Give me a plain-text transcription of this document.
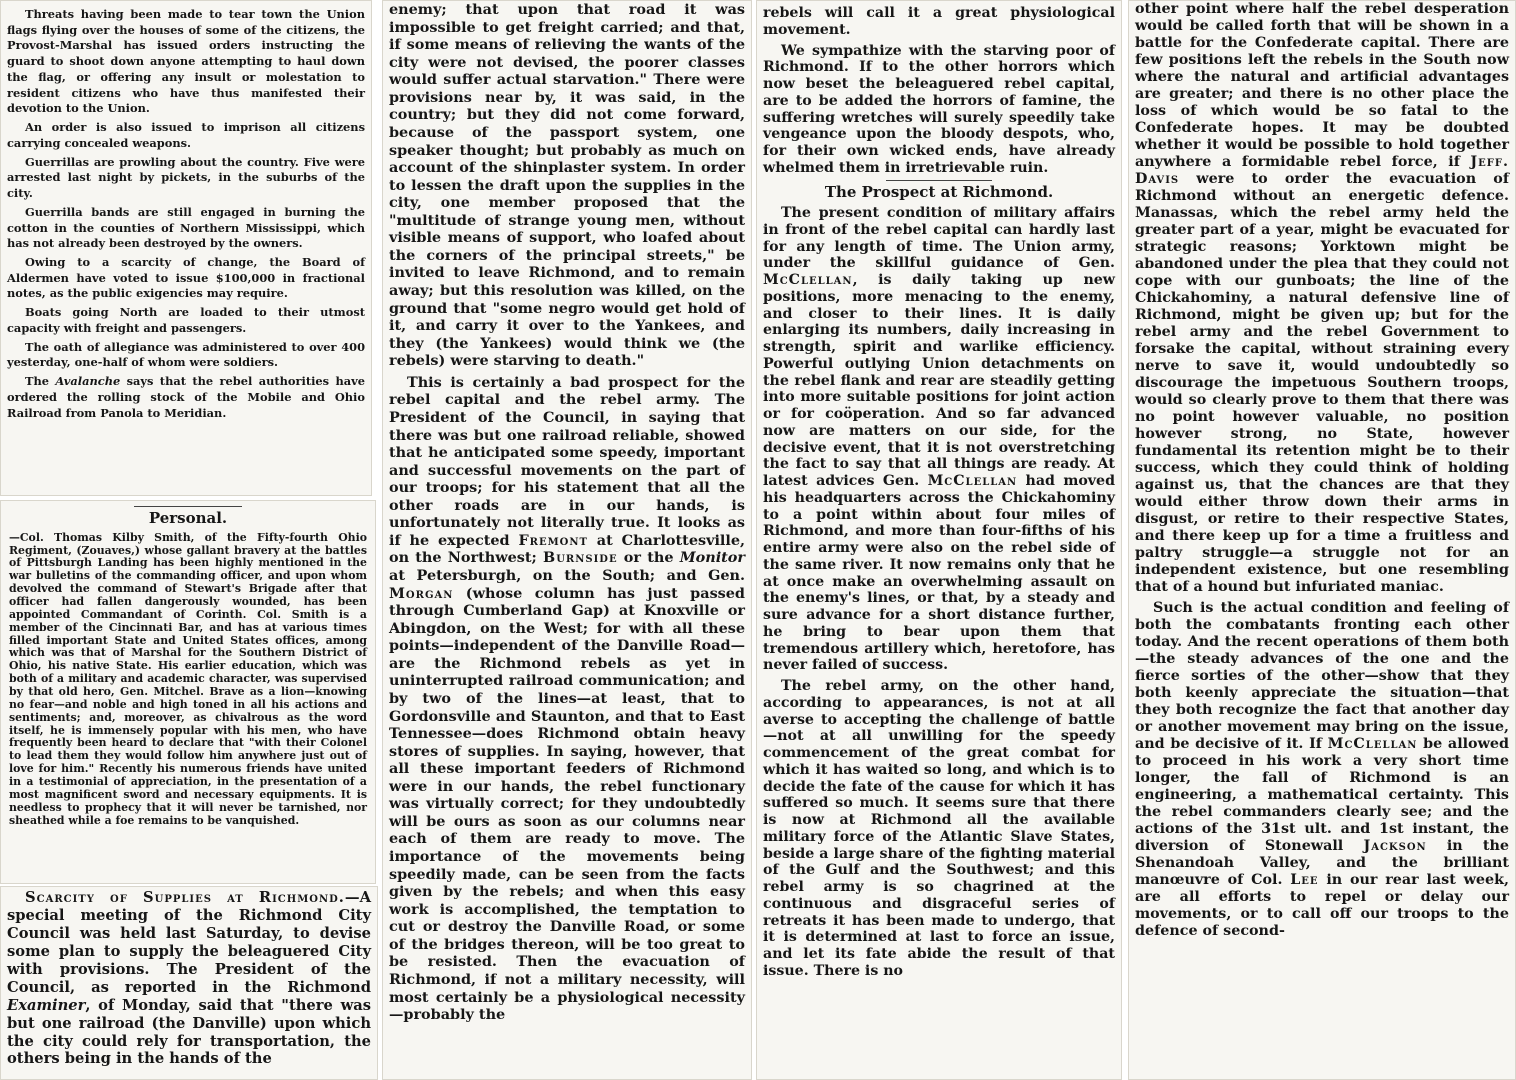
Threats having been made to tear town the Union flags flying over the houses of some of the citizens, the Provost-Marshal has issued orders instructing the guard to shoot down anyone attempting to haul down the flag, or offering any insult or molestation to resident citizens who have thus manifested their devotion to the Union.

An order is also issued to imprison all citizens carrying concealed weapons.

Guerrillas are prowling about the country. Five were arrested last night by pickets, in the suburbs of the city.

Guerrilla bands are still engaged in burning the cotton in the counties of Northern Mississippi, which has not already been destroyed by the owners.

Owing to a scarcity of change, the Board of Aldermen have voted to issue $100,000 in fractional notes, as the public exigencies may require.

Boats going North are loaded to their utmost capacity with freight and passengers.

The oath of allegiance was administered to over 400 yesterday, one-half of whom were soldiers.

The Avalanche says that the rebel authorities have ordered the rolling stock of the Mobile and Ohio Railroad from Panola to Meridian.

Personal.

—Col. Thomas Kilby Smith, of the Fifty-fourth Ohio Regiment, (Zouaves,) whose gallant bravery at the battles of Pittsburgh Landing has been highly mentioned in the war bulletins of the commanding officer, and upon whom devolved the command of Stewart's Brigade after that officer had fallen dangerously wounded, has been appointed Commandant of Corinth. Col. Smith is a member of the Cincinnati Bar, and has at various times filled important State and United States offices, among which was that of Marshal for the Southern District of Ohio, his native State. His earlier education, which was both of a military and academic character, was supervised by that old hero, Gen. Mitchel. Brave as a lion—knowing no fear—and noble and high toned in all his actions and sentiments; and, moreover, as chivalrous as the word itself, he is immensely popular with his men, who have frequently been heard to declare that "with their Colonel to lead them they would follow him anywhere just out of love for him." Recently his numerous friends have united in a testimonial of appreciation, in the presentation of a most magnificent sword and necessary equipments. It is needless to prophecy that it will never be tarnished, nor sheathed while a foe remains to be vanquished.

Scarcity of Supplies at Richmond.—A special meeting of the Richmond City Council was held last Saturday, to devise some plan to supply the beleaguered City with provisions. The President of the Council, as reported in the Richmond Examiner, of Monday, said that "there was but one railroad (the Danville) upon which the city could rely for transportation, the others being in the hands of the

enemy; that upon that road it was impossible to get freight carried; and that, if some means of relieving the wants of the city were not devised, the poorer classes would suffer actual starvation." There were provisions near by, it was said, in the country; but they did not come forward, because of the passport system, one speaker thought; but probably as much on account of the shinplaster system. In order to lessen the draft upon the supplies in the city, one member proposed that the "multitude of strange young men, without visible means of support, who loafed about the corners of the principal streets," be invited to leave Richmond, and to remain away; but this resolution was killed, on the ground that "some negro would get hold of it, and carry it over to the Yankees, and they (the Yankees) would think we (the rebels) were starving to death."

This is certainly a bad prospect for the rebel capital and the rebel army. The President of the Council, in saying that there was but one railroad reliable, showed that he anticipated some speedy, important and successful movements on the part of our troops; for his statement that all the other roads are in our hands, is unfortunately not literally true. It looks as if he expected Fremont at Charlottesville, on the Northwest; Burnside or the Monitor at Petersburgh, on the South; and Gen. Morgan (whose column has just passed through Cumberland Gap) at Knoxville or Abingdon, on the West; for with all these points—independent of the Danville Road—are the Richmond rebels as yet in uninterrupted railroad communication; and by two of the lines—at least, that to Gordonsville and Staunton, and that to East Tennessee—does Richmond obtain heavy stores of supplies. In saying, however, that all these important feeders of Richmond were in our hands, the rebel functionary was virtually correct; for they undoubtedly will be ours as soon as our columns near each of them are ready to move. The importance of the movements being speedily made, can be seen from the facts given by the rebels; and when this easy work is accomplished, the temptation to cut or destroy the Danville Road, or some of the bridges thereon, will be too great to be resisted. Then the evacuation of Richmond, if not a military necessity, will most certainly be a physiological necessity—probably the

rebels will call it a great physiological movement.

We sympathize with the starving poor of Richmond. If to the other horrors which now beset the beleaguered rebel capital, are to be added the horrors of famine, the suffering wretches will surely speedily take vengeance upon the bloody despots, who, for their own wicked ends, have already whelmed them in irretrievable ruin.

The Prospect at Richmond.

The present condition of military affairs in front of the rebel capital can hardly last for any length of time. The Union army, under the skillful guidance of Gen. McClellan, is daily taking up new positions, more menacing to the enemy, and closer to their lines. It is daily enlarging its numbers, daily increasing in strength, spirit and warlike efficiency. Powerful outlying Union detachments on the rebel flank and rear are steadily getting into more suitable positions for joint action or for coöperation. And so far advanced now are matters on our side, for the decisive event, that it is not overstretching the fact to say that all things are ready. At latest advices Gen. McClellan had moved his headquarters across the Chickahominy to a point within about four miles of Richmond, and more than four-fifths of his entire army were also on the rebel side of the same river. It now remains only that he at once make an overwhelming assault on the enemy's lines, or that, by a steady and sure advance for a short distance further, he bring to bear upon them that tremendous artillery which, heretofore, has never failed of success.

The rebel army, on the other hand, according to appearances, is not at all averse to accepting the challenge of battle—not at all unwilling for the speedy commencement of the great combat for which it has waited so long, and which is to decide the fate of the cause for which it has suffered so much. It seems sure that there is now at Richmond all the available military force of the Atlantic Slave States, beside a large share of the fighting material of the Gulf and the Southwest; and this rebel army is so chagrined at the continuous and disgraceful series of retreats it has been made to undergo, that it is determined at last to force an issue, and let its fate abide the result of that issue. There is no

other point where half the rebel desperation would be called forth that will be shown in a battle for the Confederate capital. There are few positions left the rebels in the South now where the natural and artificial advantages are greater; and there is no other place the loss of which would be so fatal to the Confederate hopes. It may be doubted whether it would be possible to hold together anywhere a formidable rebel force, if Jeff. Davis were to order the evacuation of Richmond without an energetic defence. Manassas, which the rebel army held the greater part of a year, might be evacuated for strategic reasons; Yorktown might be abandoned under the plea that they could not cope with our gunboats; the line of the Chickahominy, a natural defensive line of Richmond, might be given up; but for the rebel army and the rebel Government to forsake the capital, without straining every nerve to save it, would undoubtedly so discourage the impetuous Southern troops, would so clearly prove to them that there was no point however valuable, no position however strong, no State, however fundamental its retention might be to their success, which they could think of holding against us, that the chances are that they would either throw down their arms in disgust, or retire to their respective States, and there keep up for a time a fruitless and paltry struggle—a struggle not for an independent existence, but one resembling that of a hound but infuriated maniac.

Such is the actual condition and feeling of both the combatants fronting each other today. And the recent operations of them both—the steady advances of the one and the fierce sorties of the other—show that they both keenly appreciate the situation—that they both recognize the fact that another day or another movement may bring on the issue, and be decisive of it. If McClellan be allowed to proceed in his work a very short time longer, the fall of Richmond is an engineering, a mathematical certainty. This the rebel commanders clearly see; and the actions of the 31st ult. and 1st instant, the diversion of Stonewall Jackson in the Shenandoah Valley, and the brilliant manœuvre of Col. Lee in our rear last week, are all efforts to repel or delay our movements, or to call off our troops to the defence of second-
